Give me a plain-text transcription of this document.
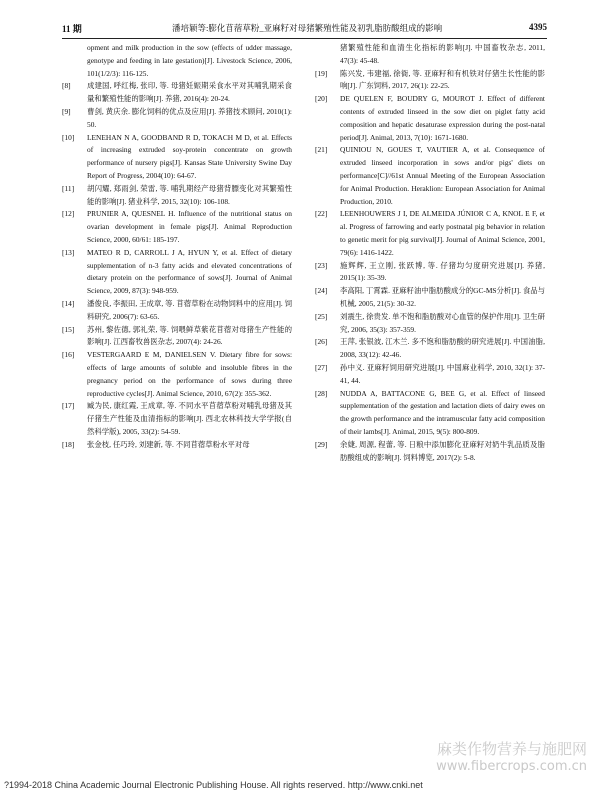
11 期	潘培颖等:膨化苜蓿草粉_亚麻籽对母猪繁殖性能及初乳脂肪酸组成的影响	4395

opment and milk production in the sow (effects of udder massage, genotype and feeding in late gestation)[J]. Livestock Science, 2006, 101(1/2/3): 116-125.

[8] 成建国, 呼红梅, 张印, 等. 母猪妊娠期采食水平对其哺乳期采食量和繁殖性能的影响[J]. 养猪, 2016(4): 20-24.

[9] 曹剑, 黄庆余. 膨化饲料的优点及应用[J]. 养猪技术顾问, 2010(1): 50.

[10] LENEHAN N A, GOODBAND R D, TOKACH M D, et al. Effects of increasing extruded soy-protein concentrate on growth performance of nursery pigs[J]. Kansas State University Swine Day Report of Progress, 2004(10): 64-67.

[11] 胡闪耀, 郑雨剑, 荣雷, 等. 哺乳期经产母猪背膘变化对其繁殖性能的影响[J]. 猪业科学, 2015, 32(10): 106-108.

[12] PRUNIER A, QUESNEL H. Influence of the nutritional status on ovarian development in female pigs[J]. Animal Reproduction Science, 2000, 60/61: 185-197.

[13] MATEO R D, CARROLL J A, HYUN Y, et al. Effect of dietary supplementation of n-3 fatty acids and elevated concentrations of dietary protein on the performance of sows[J]. Journal of Animal Science, 2009, 87(3): 948-959.

[14] 潘俊良, 李振田, 王成章, 等. 苜蓿草粉在动物饲料中的应用[J]. 饲料研究, 2006(7): 63-65.

[15] 苏州, 黎佐德, 郭礼荣, 等. 饲喂鲜草紫花苜蓿对母猪生产性能的影响[J]. 江西畜牧兽医杂志, 2007(4): 24-26.

[16] VESTERGAARD E M, DANIELSEN V. Dietary fibre for sows: effects of large amounts of soluble and insoluble fibres in the pregnancy period on the performance of sows during three reproductive cycles[J]. Animal Science, 2010, 67(2): 355-362.

[17] 臧为民, 康红霞, 王成章, 等. 不同水平苜蓿草粉对哺乳母猪及其仔猪生产性能及血清指标的影响[J]. 西北农林科技大学学报(自然科学版), 2005, 33(2): 54-59.

[18] 张金枝, 任巧玲, 刘建新, 等. 不同苜蓿草粉水平对母

猪繁殖性能和血清生化指标的影响[J]. 中国畜牧杂志, 2011, 47(3): 45-48.

[19] 陈兴发, 韦建福, 徐衙, 等. 亚麻籽和有机铁对仔猪生长性能的影响[J]. 广东饲料, 2017, 26(1): 22-25.

[20] DE QUELEN F, BOUDRY G, MOUROT J. Effect of different contents of extruded linseed in the sow diet on piglet fatty acid composition and hepatic desaturase expression during the post-natal period[J]. Animal, 2013, 7(10): 1671-1680.

[21] QUINIOU N, GOUES T, VAUTIER A, et al. Consequence of extruded linseed incorporation in sows and/or pigs' diets on performance[C]//61st Annual Meeting of the European Association for Animal Production. Heraklion: European Association for Animal Production, 2010.

[22] LEENHOUWERS J I, DE ALMEIDA JÚNIOR C A, KNOL E F, et al. Progress of farrowing and early postnatal pig behavior in relation to genetic merit for pig survival[J]. Journal of Animal Science, 2001, 79(6): 1416-1422.

[23] 施辉辉, 王立刚, 张跃博, 等. 仔猪均匀度研究进展[J]. 养猪, 2015(1): 35-39.

[24] 李高阳, 丁霄霖. 亚麻籽油中脂肪酸成分的GC-MS分析[J]. 食品与机械, 2005, 21(5): 30-32.

[25] 刘震生, 徐贵发. 单不饱和脂肪酸对心血管的保护作用[J]. 卫生研究, 2006, 35(3): 357-359.

[26] 王萍, 张银波, 江木兰. 多不饱和脂肪酸的研究进展[J]. 中国油脂, 2008, 33(12): 42-46.

[27] 孙中义. 亚麻籽饲用研究进展[J]. 中国麻业科学, 2010, 32(1): 37-41, 44.

[28] NUDDA A, BATTACONE G, BEE G, et al. Effect of linseed supplementation of the gestation and lactation diets of dairy ewes on the growth performance and the intramuscular fatty acid composition of their lambs[J]. Animal, 2015, 9(5): 800-809.

[29] 余婕, 周源, 程蕾, 等. 日粮中添加膨化亚麻籽对奶牛乳品质及脂肪酸组成的影响[J]. 饲料博览, 2017(2): 5-8.

麻类作物营养与施肥网
www.fibercrops.com.cn
?1994-2018 China Academic Journal Electronic Publishing House. All rights reserved. http://www.cnki.net
